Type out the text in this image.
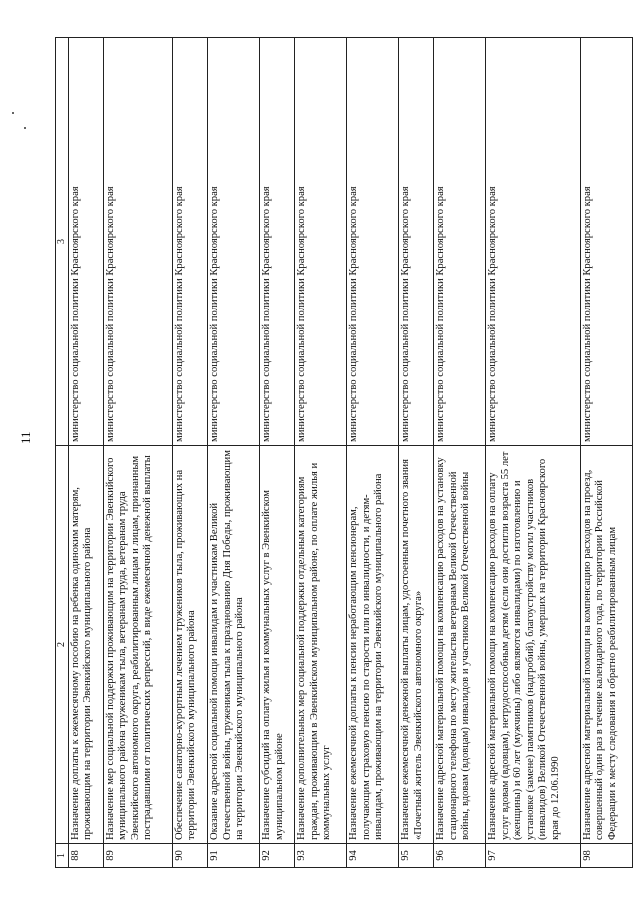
11
1	2	3
88	Назначение доплаты к ежемесячному пособию на ребенка одиноким матерям, проживающим на территории Эвенкийского муниципального района	министерство социальной политики Красноярского края
89	Назначение мер социальной поддержки проживающим на территории Эвенкийского муниципального района труженикам тыла, ветеранам труда, ветеранам труда Эвенкийского автономного округа, реабилитированным лицам и лицам, признанным пострадавшими от политических репрессий, в виде ежемесячной денежной выплаты	министерство социальной политики Красноярского края
90	Обеспечение санаторно-курортным лечением тружеников тыла, проживающих на территории Эвенкийского муниципального района	министерство социальной политики Красноярского края
91	Оказание адресной социальной помощи инвалидам и участникам Великой Отечественной войны, труженикам тыла к празднованию Дня Победы, проживающим на территории Эвенкийского муниципального района	министерство социальной политики Красноярского края
92	Назначение субсидий на оплату жилья и коммунальных услуг в Эвенкийском муниципальном районе	министерство социальной политики Красноярского края
93	Назначение дополнительных мер социальной поддержки отдельным категориям граждан, проживающим в Эвенкийском муниципальном районе, по оплате жилья и коммунальных услуг	министерство социальной политики Красноярского края
94	Назначение ежемесячной доплаты к пенсии неработающим пенсионерам, получающим страховую пенсию по старости или по инвалидности, и детям-инвалидам, проживающим на территории Эвенкийского муниципального района	министерство социальной политики Красноярского края
95	Назначение ежемесячной денежной выплаты лицам, удостоенным почетного звания «Почетный житель Эвенкийского автономного округа»	министерство социальной политики Красноярского края
96	Назначение адресной материальной помощи на компенсацию расходов на установку стационарного телефона по месту жительства ветеранам Великой Отечественной войны, вдовам (вдовцам) инвалидов и участников Великой Отечественной войны	министерство социальной политики Красноярского края
97	Назначение адресной материальной помощи на компенсацию расходов на оплату услуг вдовам (вдовцам), нетрудоспособным детям (если они достигли возраста 55 лет (женщины) и 60 лет (мужчины) либо являются инвалидами) по изготовлению и установке (замене) памятников (надгробий), благоустройству могил участников (инвалидов) Великой Отечественной войны, умерших на территории Красноярского края до 12.06.1990	министерство социальной политики Красноярского края
98	Назначение адресной материальной помощи на компенсацию расходов на проезд, совершенный один раз в течение календарного года, по территории Российской Федерации к месту следования и обратно реабилитированным лицам	министерство социальной политики Красноярского края
